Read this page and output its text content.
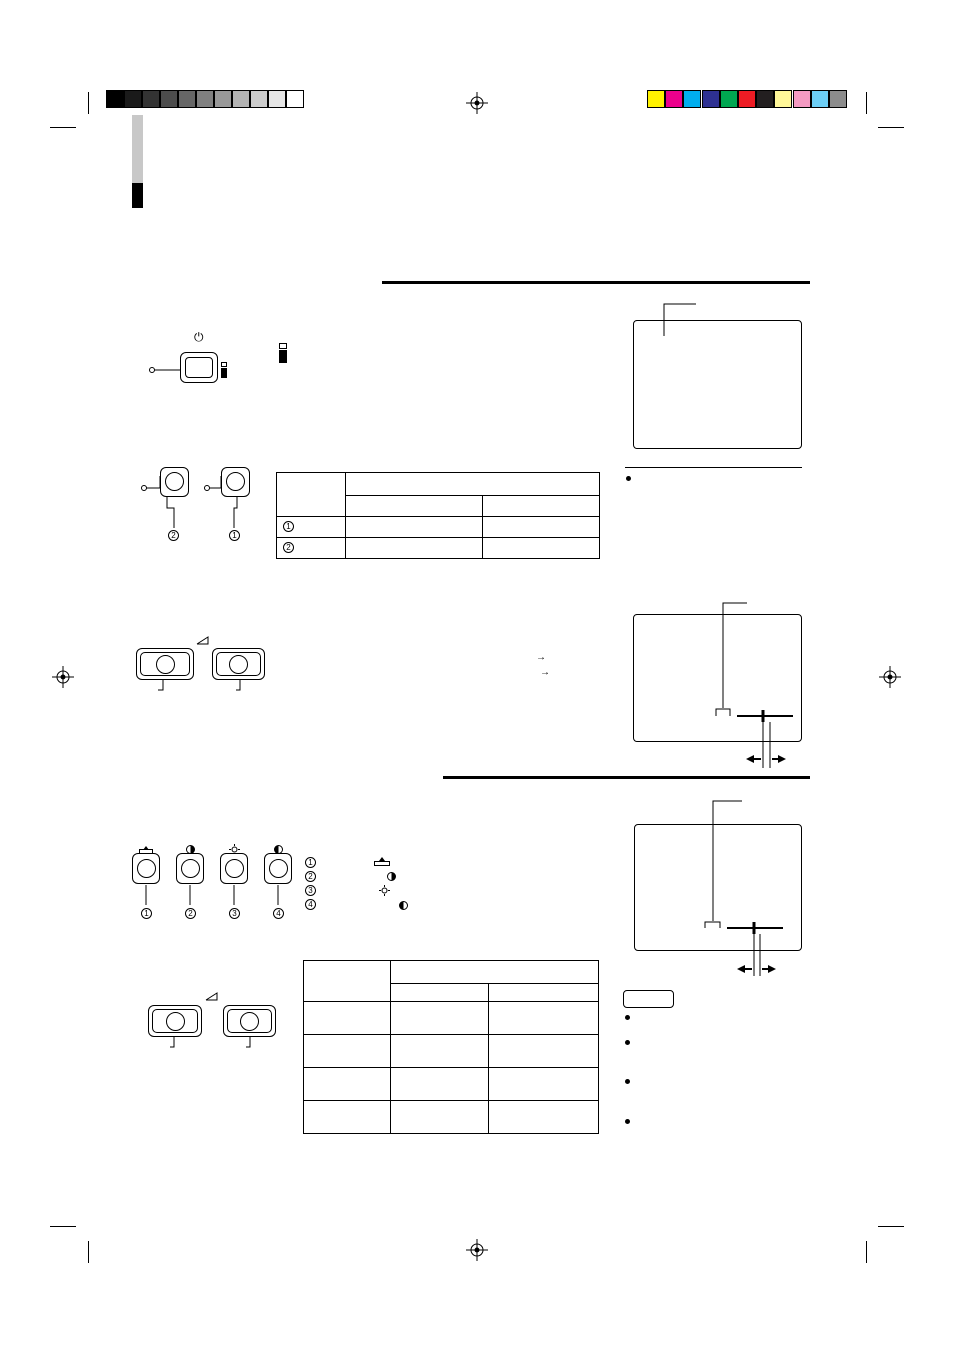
⏻
2	1

1		

2		

→
→
1	2	3	4
1
2
3
4
